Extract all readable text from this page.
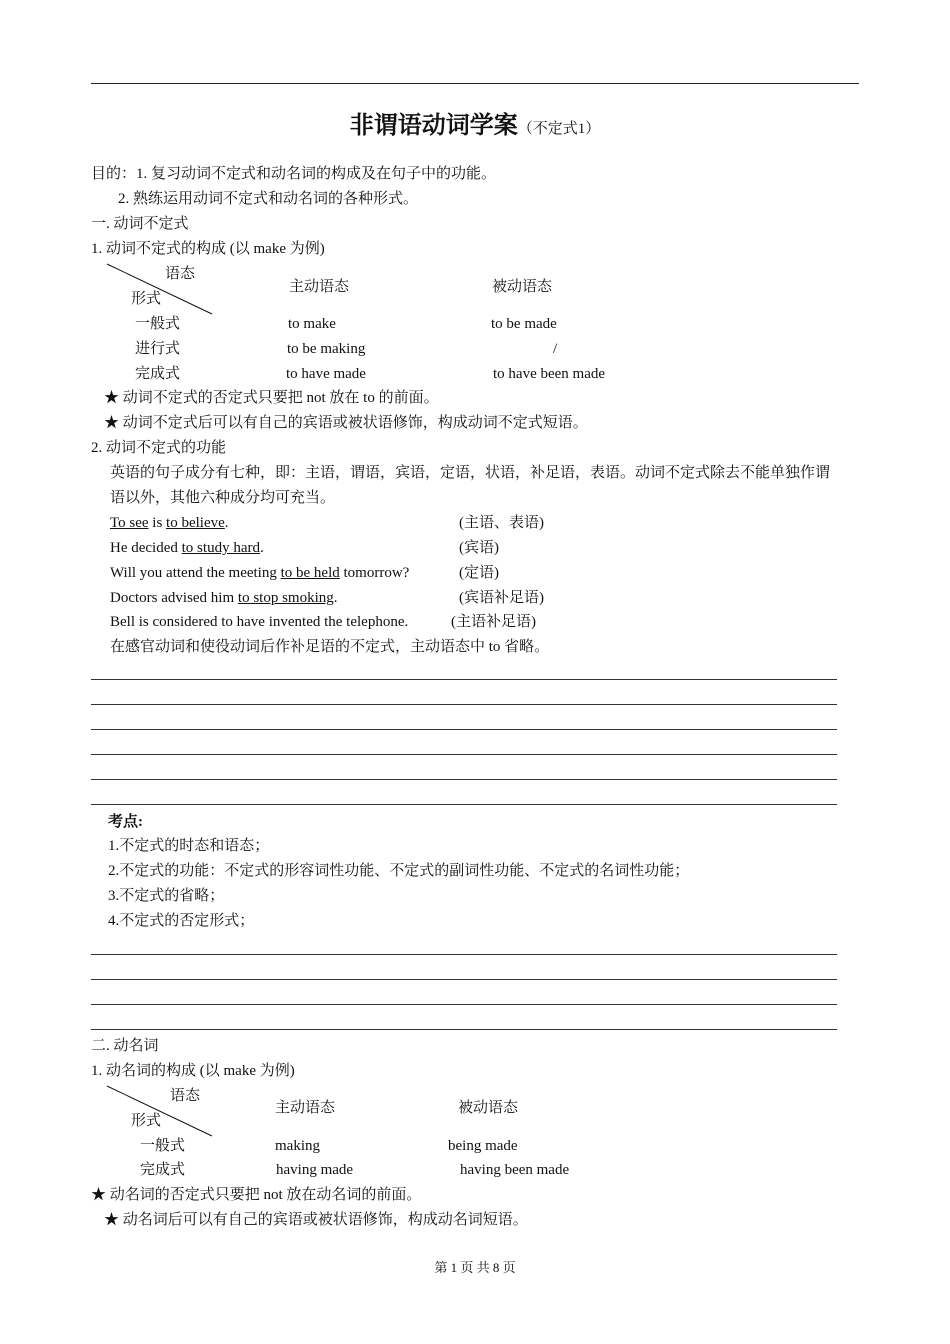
非谓语动词学案（不定式1）
目的：1. 复习动词不定式和动名词的构成及在句子中的功能。
2. 熟练运用动词不定式和动名词的各种形式。
一. 动词不定式
1. 动词不定式的构成 (以 make 为例)
语态
形式
主动语态	被动语态
一般式	to make	to be made
进行式	to be making	/
完成式	to have made	to have been made
★ 动词不定式的否定式只要把 not 放在 to 的前面。
★ 动词不定式后可以有自己的宾语或被状语修饰，构成动词不定式短语。
2. 动词不定式的功能
英语的句子成分有七种，即：主语，谓语，宾语，定语，状语，补足语，表语。动词不定式除去不能单独作谓
语以外，其他六种成分均可充当。
To see is to believe.	(主语、表语)
He decided to study hard.	(宾语)
Will you attend the meeting to be held tomorrow?	(定语)
Doctors advised him to stop smoking.	(宾语补足语)
Bell is considered to have invented the telephone.	(主语补足语)
在感官动词和使役动词后作补足语的不定式，主动语态中 to 省略。
考点:
1.不定式的时态和语态；
2.不定式的功能：不定式的形容词性功能、不定式的副词性功能、不定式的名词性功能；
3.不定式的省略；
4.不定式的否定形式；
二. 动名词
1. 动名词的构成 (以 make 为例)
语态
形式
主动语态	被动语态
一般式	making	being made
完成式	having made	having been made
★ 动名词的否定式只要把 not 放在动名词的前面。
★ 动名词后可以有自己的宾语或被状语修饰，构成动名词短语。
第 1 页 共 8 页
